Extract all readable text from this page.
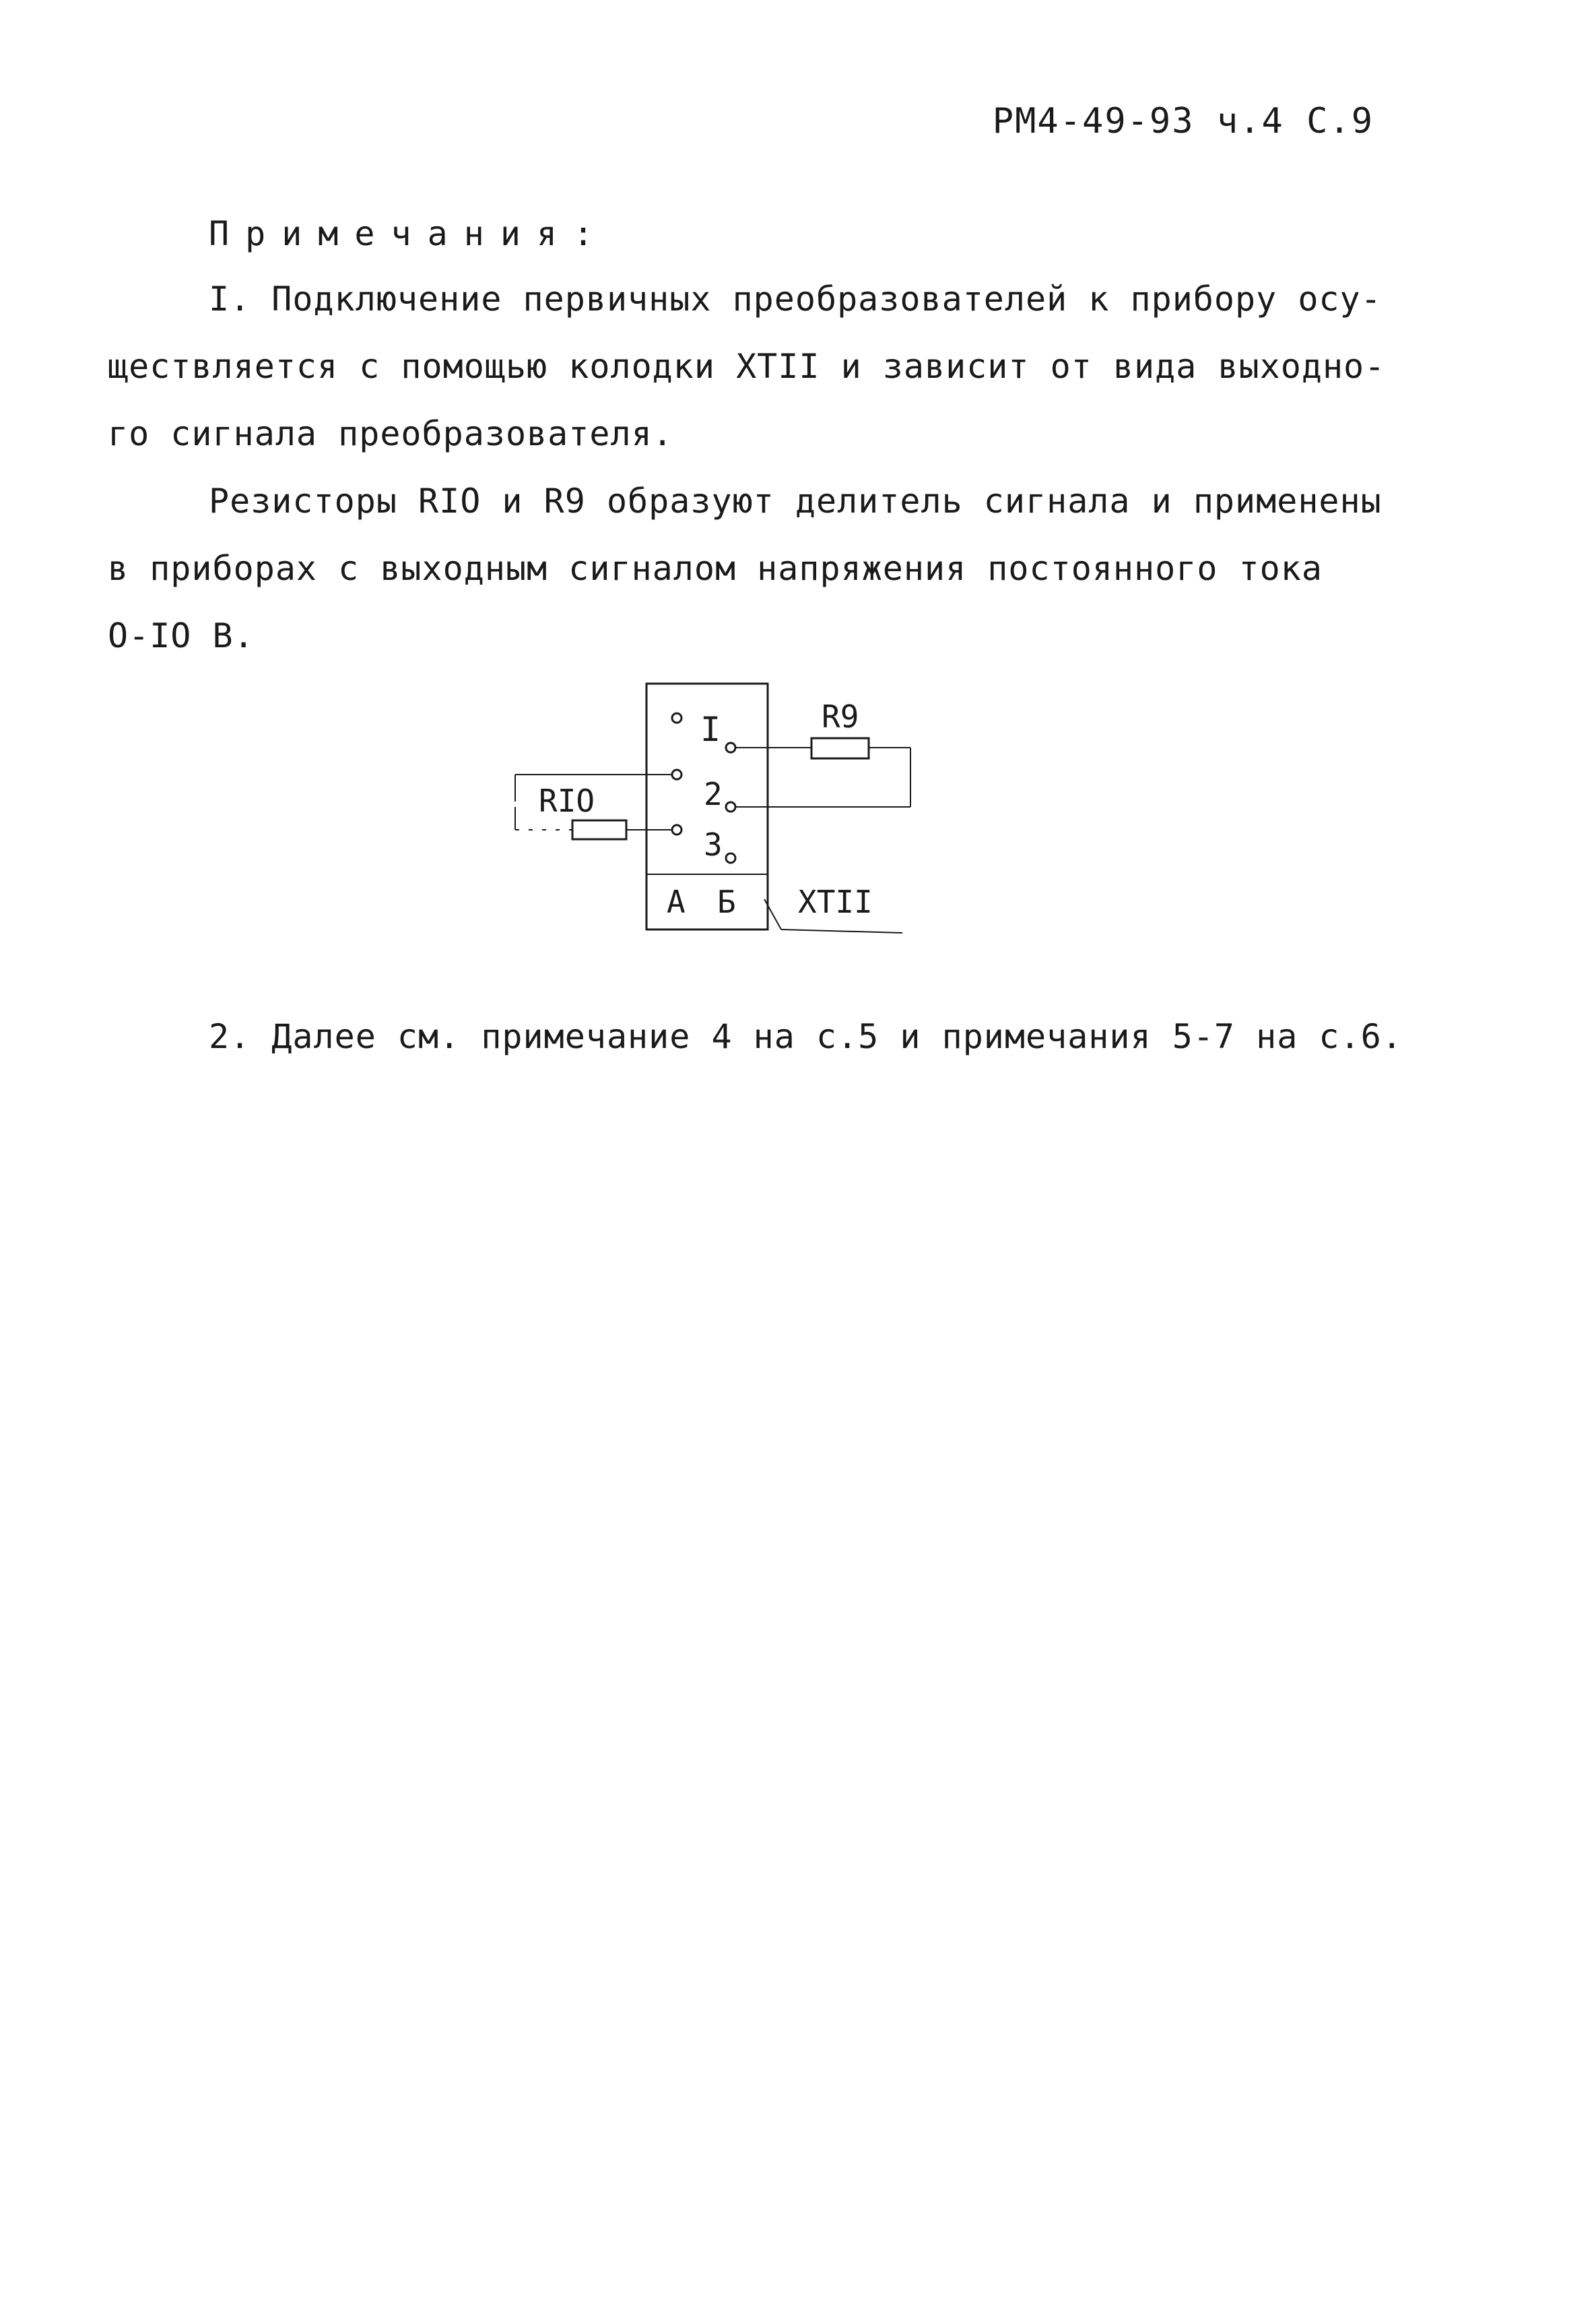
РМ4-49-93 ч.4 С.9
Примечания:
I. Подключение первичных преобразователей к прибору осу-
ществляется с помощью колодки XTII и зависит от вида выходно-
го сигнала преобразователя.
Резисторы RIO и R9 образуют делитель сигнала и применены
в приборах с выходным сигналом напряжения постоянного тока
O-IO В.
I
2
3
А Б
R9
RIO
XTII
2. Далее см. примечание 4 на с.5 и примечания 5-7 на с.6.
